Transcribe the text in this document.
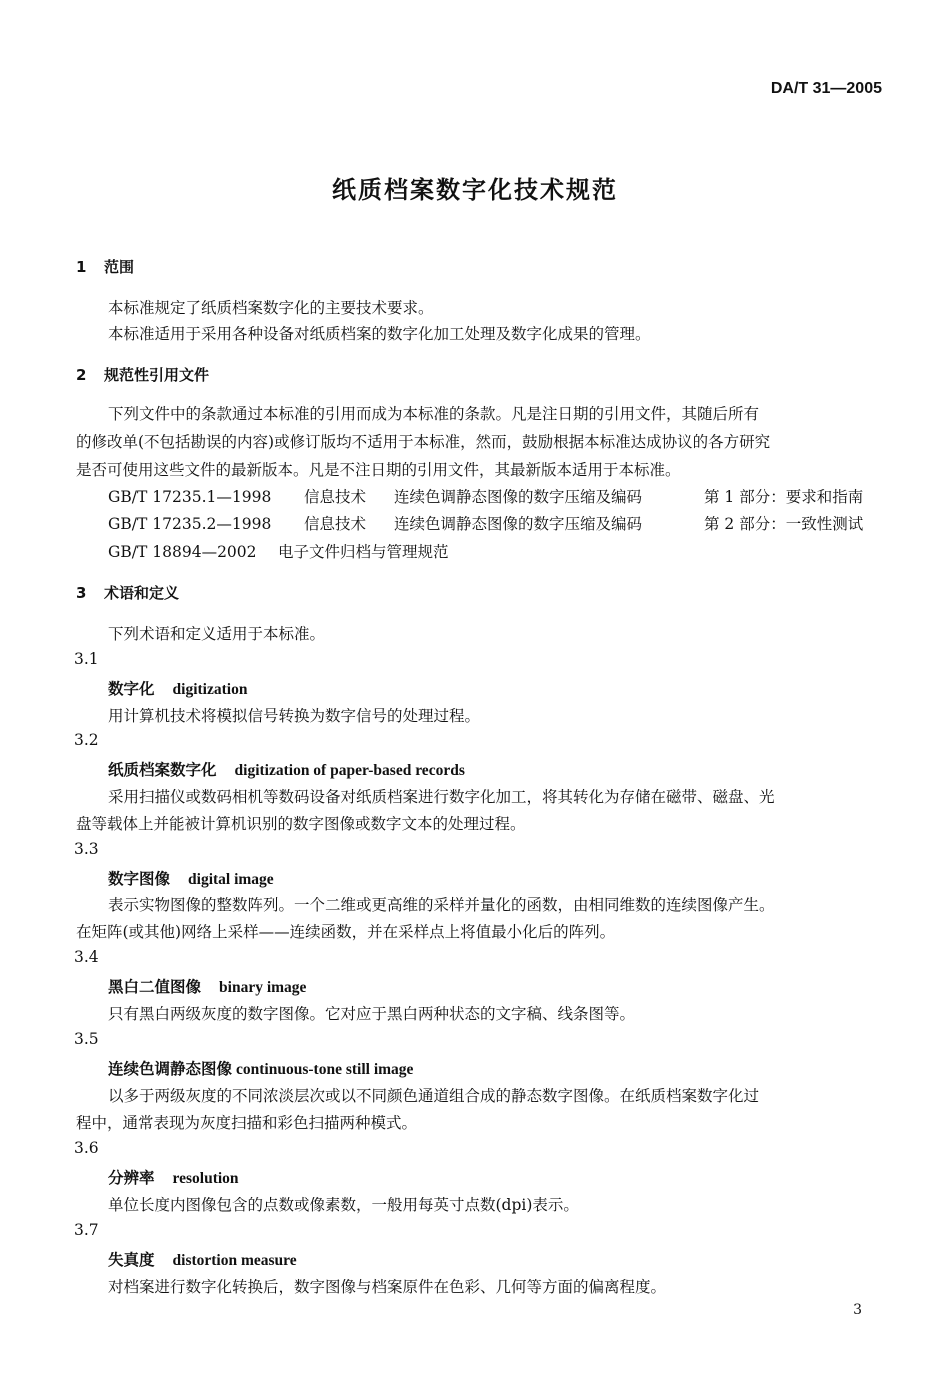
DA/T 31—2005
纸质档案数字化技术规范
1 范围
本标准规定了纸质档案数字化的主要技术要求。
本标准适用于采用各种设备对纸质档案的数字化加工处理及数字化成果的管理。
2 规范性引用文件
下列文件中的条款通过本标准的引用而成为本标准的条款。凡是注日期的引用文件，其随后所有
的修改单(不包括勘误的内容)或修订版均不适用于本标准，然而，鼓励根据本标准达成协议的各方研究
是否可使用这些文件的最新版本。凡是不注日期的引用文件，其最新版本适用于本标准。
GB/T 17235.1—1998 信息技术 连续色调静态图像的数字压缩及编码	第 1 部分：要求和指南
GB/T 17235.2—1998 信息技术 连续色调静态图像的数字压缩及编码	第 2 部分：一致性测试
GB/T 18894—2002 电子文件归档与管理规范
3 术语和定义
下列术语和定义适用于本标准。
3.1
数字化 digitization
用计算机技术将模拟信号转换为数字信号的处理过程。
3.2
纸质档案数字化 digitization of paper-based records
采用扫描仪或数码相机等数码设备对纸质档案进行数字化加工，将其转化为存储在磁带、磁盘、光
盘等载体上并能被计算机识别的数字图像或数字文本的处理过程。
3.3
数字图像 digital image
表示实物图像的整数阵列。一个二维或更高维的采样并量化的函数，由相同维数的连续图像产生。
在矩阵(或其他)网络上采样——连续函数，并在采样点上将值最小化后的阵列。
3.4
黑白二值图像 binary image
只有黑白两级灰度的数字图像。它对应于黑白两种状态的文字稿、线条图等。
3.5
连续色调静态图像 continuous-tone still image
以多于两级灰度的不同浓淡层次或以不同颜色通道组合成的静态数字图像。在纸质档案数字化过
程中，通常表现为灰度扫描和彩色扫描两种模式。
3.6
分辨率 resolution
单位长度内图像包含的点数或像素数，一般用每英寸点数(dpi)表示。
3.7
失真度 distortion measure
对档案进行数字化转换后，数字图像与档案原件在色彩、几何等方面的偏离程度。
3
